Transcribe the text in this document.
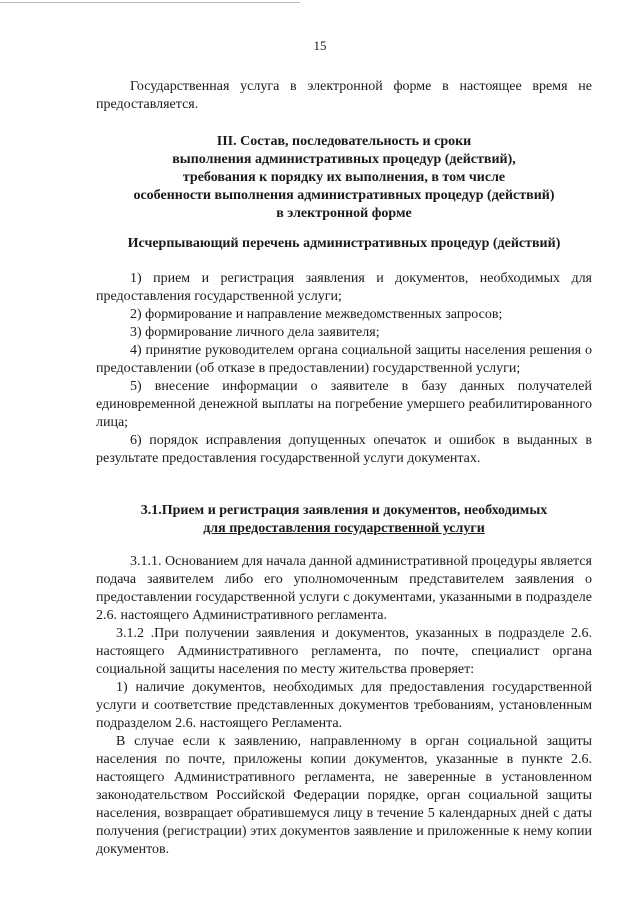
15

Государственная услуга в электронной форме в настоящее время не предоставляется.

III. Состав, последовательность и сроки
выполнения административных процедур (действий),
требования к порядку их выполнения, в том числе
особенности выполнения административных процедур (действий)
в электронной форме
Исчерпывающий перечень административных процедур (действий)

1) прием и регистрация заявления и документов, необходимых для предоставления государственной услуги;

2) формирование и направление межведомственных запросов;

3) формирование личного дела заявителя;

4) принятие руководителем органа социальной защиты населения решения о предоставлении (об отказе в предоставлении) государственной услуги;

5) внесение информации о заявителе в базу данных получателей единовременной денежной выплаты на погребение умершего реабилитированного лица;

6) порядок исправления допущенных опечаток и ошибок в выданных в результате предоставления государственной услуги документах.

3.1.Прием и регистрация заявления и документов, необходимых
для предоставления государственной услуги

3.1.1. Основанием для начала данной административной процедуры является подача заявителем либо его уполномоченным представителем заявления о предоставлении государственной услуги с документами, указанными в подразделе 2.6. настоящего Административного регламента.

3.1.2 .При получении заявления и документов, указанных в подразделе 2.6. настоящего Административного регламента, по почте, специалист органа социальной защиты населения по месту жительства проверяет:

1) наличие документов, необходимых для предоставления государственной услуги и соответствие представленных документов требованиям, установленным подразделом 2.6. настоящего Регламента.

В случае если к заявлению, направленному в орган социальной защиты населения по почте, приложены копии документов, указанные в пункте 2.6. настоящего Административного регламента, не заверенные в установленном законодательством Российской Федерации порядке, орган социальной защиты населения, возвращает обратившемуся лицу в течение 5 календарных дней с даты получения (регистрации) этих документов заявление и приложенные к нему копии документов.
